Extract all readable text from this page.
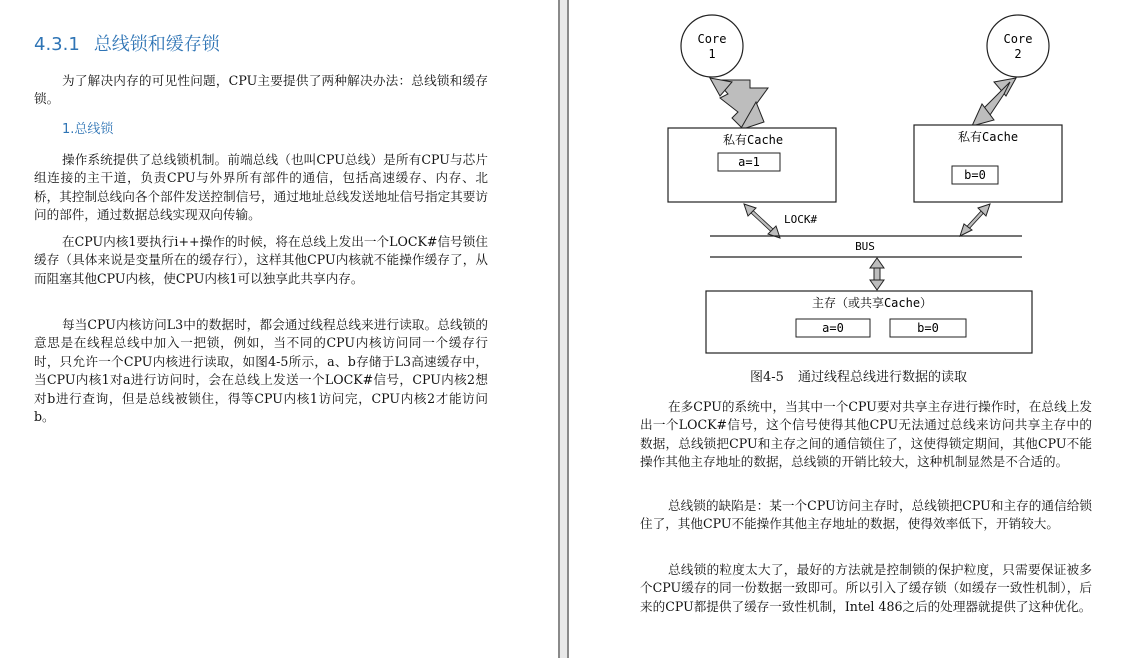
4.3.1 总线锁和缓存锁

为了解决内存的可见性问题，CPU主要提供了两种解决办法：总线锁和缓存锁。

1.总线锁

操作系统提供了总线锁机制。前端总线（也叫CPU总线）是所有CPU与芯片组连接的主干道，负责CPU与外界所有部件的通信，包括高速缓存、内存、北桥，其控制总线向各个部件发送控制信号，通过地址总线发送地址信号指定其要访问的部件，通过数据总线实现双向传输。

在CPU内核1要执行i++操作的时候，将在总线上发出一个LOCK#信号锁住缓存（具体来说是变量所在的缓存行），这样其他CPU内核就不能操作缓存了，从而阻塞其他CPU内核，使CPU内核1可以独享此共享内存。

每当CPU内核访问L3中的数据时，都会通过线程总线来进行读取。总线锁的意思是在线程总线中加入一把锁，例如，当不同的CPU内核访问同一个缓存行时，只允许一个CPU内核进行读取，如图4-5所示，a、b存储于L3高速缓存中，当CPU内核1对a进行访问时，会在总线上发送一个LOCK#信号，CPU内核2想对b进行查询，但是总线被锁住，得等CPU内核1访问完，CPU内核2才能访问b。

Core
1
Core
2
私有Cache
a=1
私有Cache
b=0
LOCK#
BUS
主存（或共享Cache）
a=0	b=0
图4-5 通过线程总线进行数据的读取

在多CPU的系统中，当其中一个CPU要对共享主存进行操作时，在总线上发出一个LOCK#信号，这个信号使得其他CPU无法通过总线来访问共享主存中的数据，总线锁把CPU和主存之间的通信锁住了，这使得锁定期间，其他CPU不能操作其他主存地址的数据，总线锁的开销比较大，这种机制显然是不合适的。

总线锁的缺陷是：某一个CPU访问主存时，总线锁把CPU和主存的通信给锁住了，其他CPU不能操作其他主存地址的数据，使得效率低下，开销较大。

总线锁的粒度太大了，最好的方法就是控制锁的保护粒度，只需要保证被多个CPU缓存的同一份数据一致即可。所以引入了缓存锁（如缓存一致性机制），后来的CPU都提供了缓存一致性机制，Intel 486之后的处理器就提供了这种优化。
